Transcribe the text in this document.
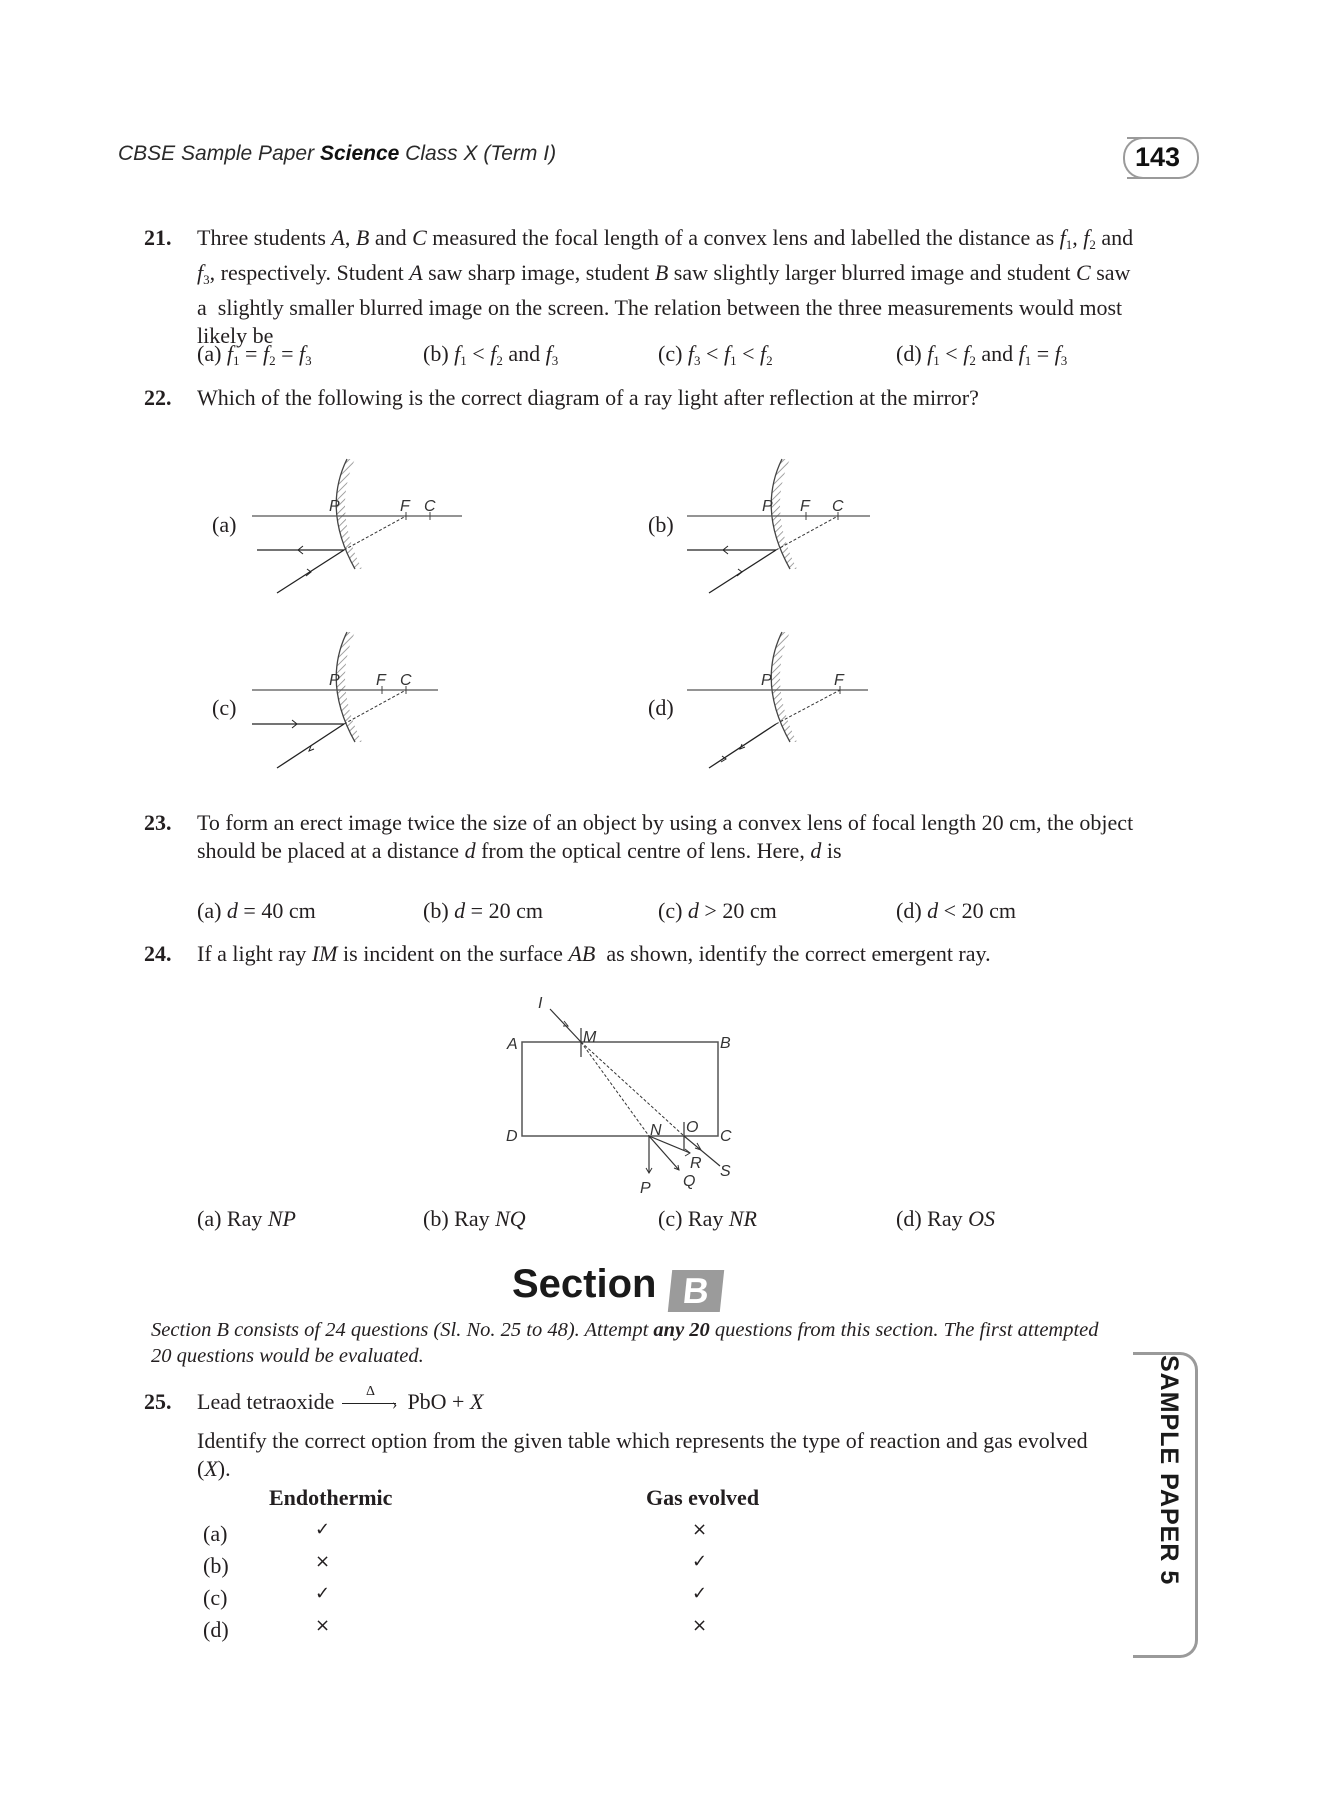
CBSE Sample Paper Science Class X (Term I)	143
21. Three students A, B and C measured the focal length of a convex lens and labelled the distance as $f_1$, $f_2$ and $f_3$, respectively. Student A saw sharp image, student B saw slightly larger blurred image and student C saw a  slightly smaller blurred image on the screen. The relation between the three measurements would most likely be
(a) $f_1 = f_2 = f_3$	(b) $f_1 < f_2$ and $f_3$	(c) $f_3 < f_1 < f_2$	(d) $f_1 < f_2$ and $f_1 = f_3$
22. Which of the following is the correct diagram of a ray light after reflection at the mirror?
(a)
P	F C
(b)
P F C
(c)
P F C
(d)
P	F
23. To form an erect image twice the size of an object by using a convex lens of focal length 20 cm, the object should be placed at a distance d from the optical centre of lens. Here, d is
(a) d = 40 cm	(b) d = 20 cm	(c) d > 20 cm	(d) d < 20 cm
24. If a light ray IM is incident on the surface AB  as shown, identify the correct emergent ray.
I
M
A	B
C
D	N O
P Q
R S
(a) Ray NP	(b) Ray NQ	(c) Ray NR	(d) Ray OS
Section B
Section B consists of 24 questions (Sl. No. 25 to 48). Attempt any 20 questions from this section. The first attempted 20 questions would be evaluated.
25. Lead tetraoxide Δ
› PbO + X
Identify the correct option from the given table which represents the type of reaction and gas evolved (X).
Endothermic	Gas evolved
(a)	✓	×
(b)	×	✓
(c)	✓	✓
(d)	×	×
SAMPLE PAPER 5
